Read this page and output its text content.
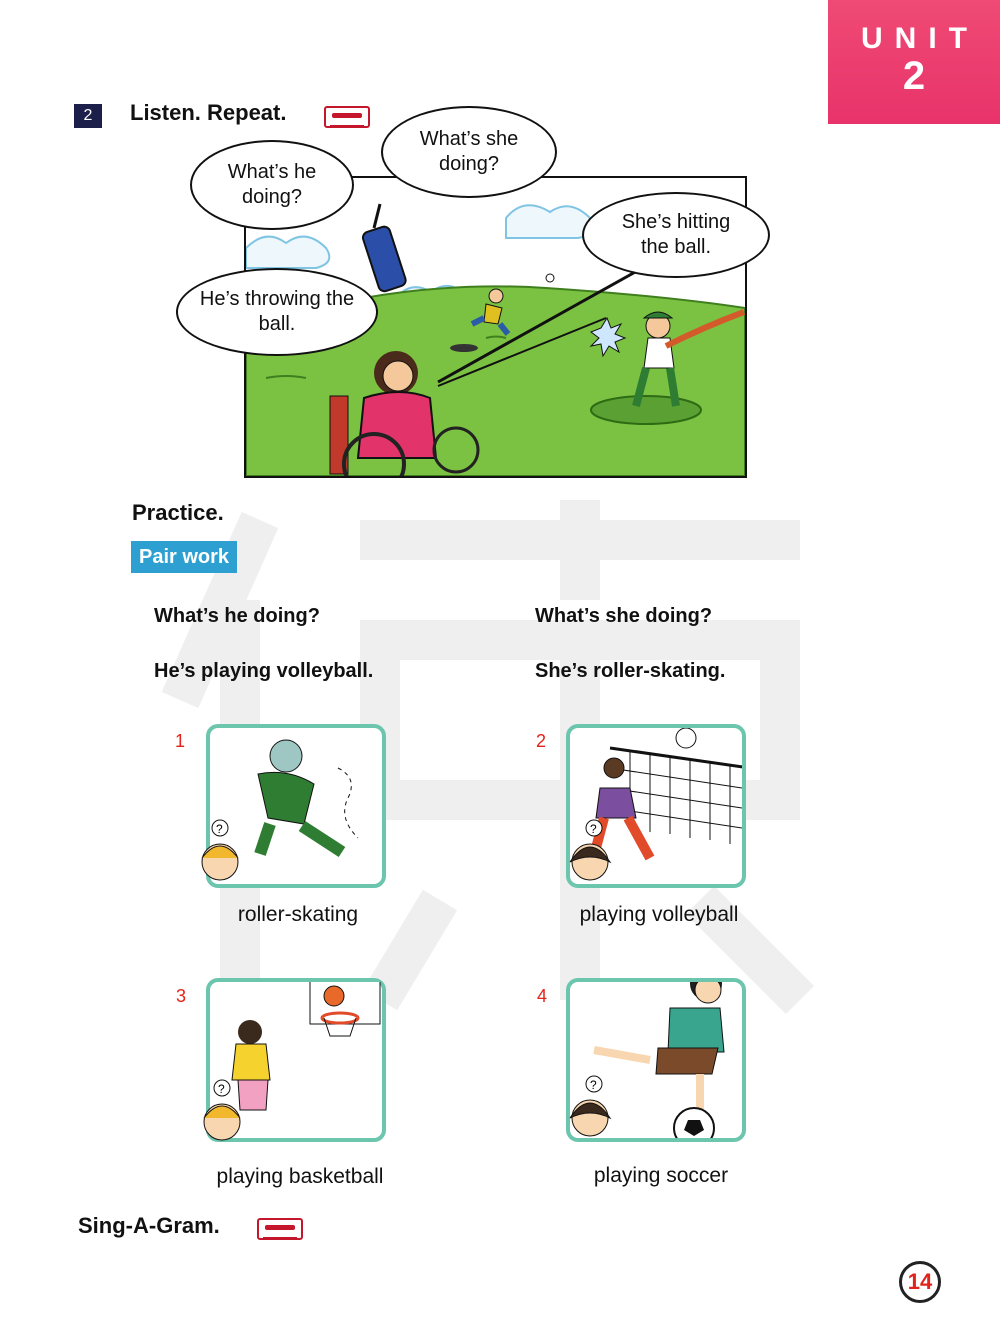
UNIT
2
2	Listen. Repeat.
What’s he doing?
What’s she doing?
He’s throwing the ball.
She’s hitting the ball.
Practice.
Pair work
What’s he doing?
He’s playing volleyball.
What’s she doing?
She’s roller-skating.
1
?
roller-skating
2
?
playing volleyball
3
?
playing basketball
4
?
playing soccer
Sing-A-Gram.
14
